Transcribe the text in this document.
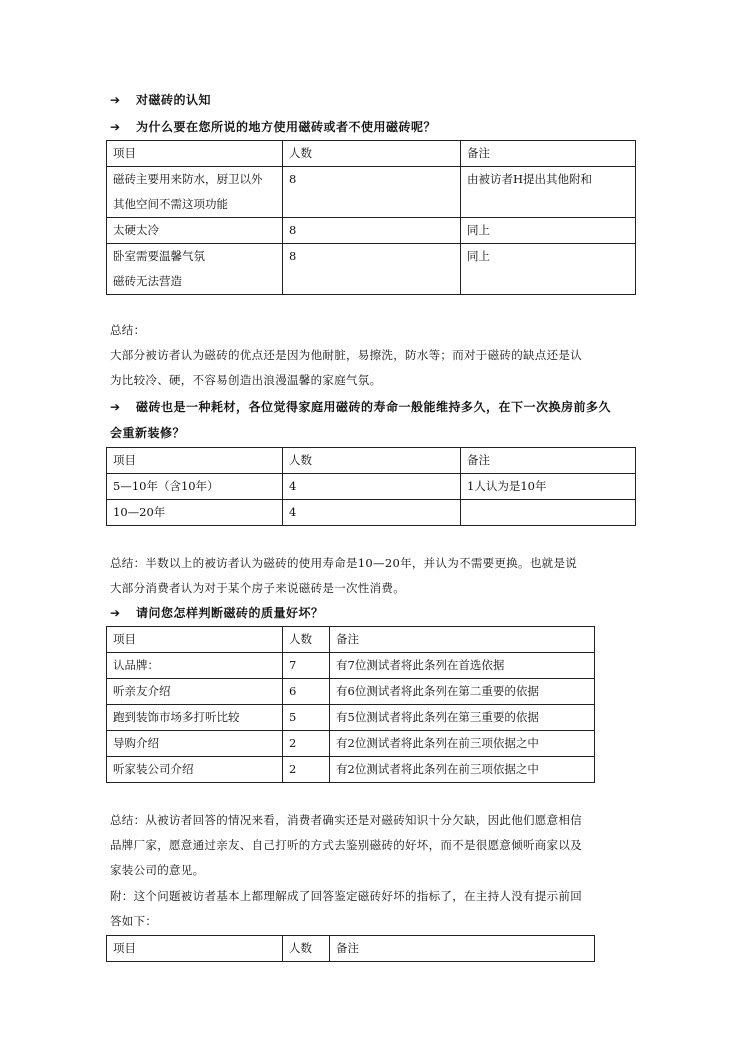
➔ 对磁砖的认知
➔ 为什么要在您所说的地方使用磁砖或者不使用磁砖呢？
项目	人数	备注

磁砖主要用来防水，厨卫以外
其他空间不需这项功能	8	由被访者H提出其他附和
太硬太冷	8	同上

卧室需要温馨气氛
磁砖无法营造	8	同上
总结：
大部分被访者认为磁砖的优点还是因为他耐脏，易擦洗，防水等；而对于磁砖的缺点还是认
为比较冷、硬，不容易创造出浪漫温馨的家庭气氛。
➔ 磁砖也是一种耗材，各位觉得家庭用磁砖的寿命一般能维持多久，在下一次换房前多久
会重新装修？
项目	人数	备注
5—10年（含10年）	4	1人认为是10年
10—20年	4	
总结：半数以上的被访者认为磁砖的使用寿命是10—20年，并认为不需要更换。也就是说
大部分消费者认为对于某个房子来说磁砖是一次性消费。
➔ 请问您怎样判断磁砖的质量好坏？
项目	人数	备注
认品牌：	7	有7位测试者将此条列在首选依据
听亲友介绍	6	有6位测试者将此条列在第二重要的依据
跑到装饰市场多打听比较	5	有5位测试者将此条列在第三重要的依据
导购介绍	2	有2位测试者将此条列在前三项依据之中
听家装公司介绍	2	有2位测试者将此条列在前三项依据之中
总结：从被访者回答的情况来看，消费者确实还是对磁砖知识十分欠缺，因此他们愿意相信
品牌厂家，愿意通过亲友、自己打听的方式去鉴别磁砖的好坏，而不是很愿意倾听商家以及
家装公司的意见。
附：这个问题被访者基本上都理解成了回答鉴定磁砖好坏的指标了，在主持人没有提示前回
答如下：
项目	人数	备注
